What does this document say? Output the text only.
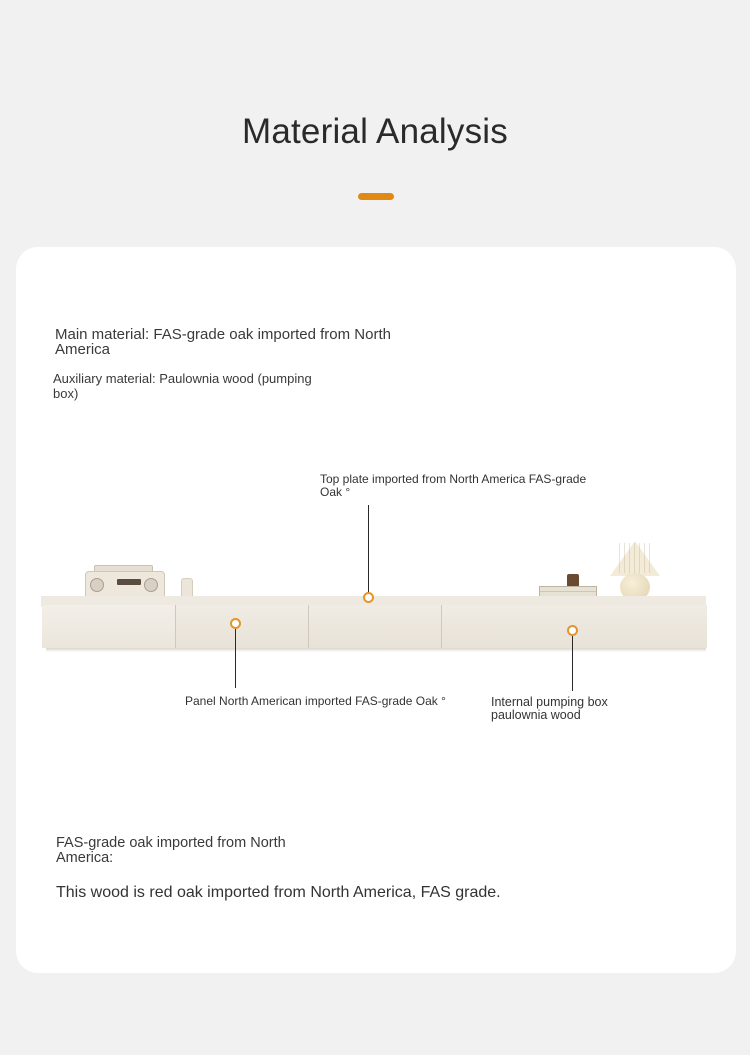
Material Analysis
Main material: FAS-grade oak imported from North America
Auxiliary material: Paulownia wood (pumping box)
Top plate imported from North America FAS-grade Oak °
Panel North American imported FAS-grade Oak °	Internal pumping box paulownia wood
FAS-grade oak imported from North America:
This wood is red oak imported from North America, FAS grade.
